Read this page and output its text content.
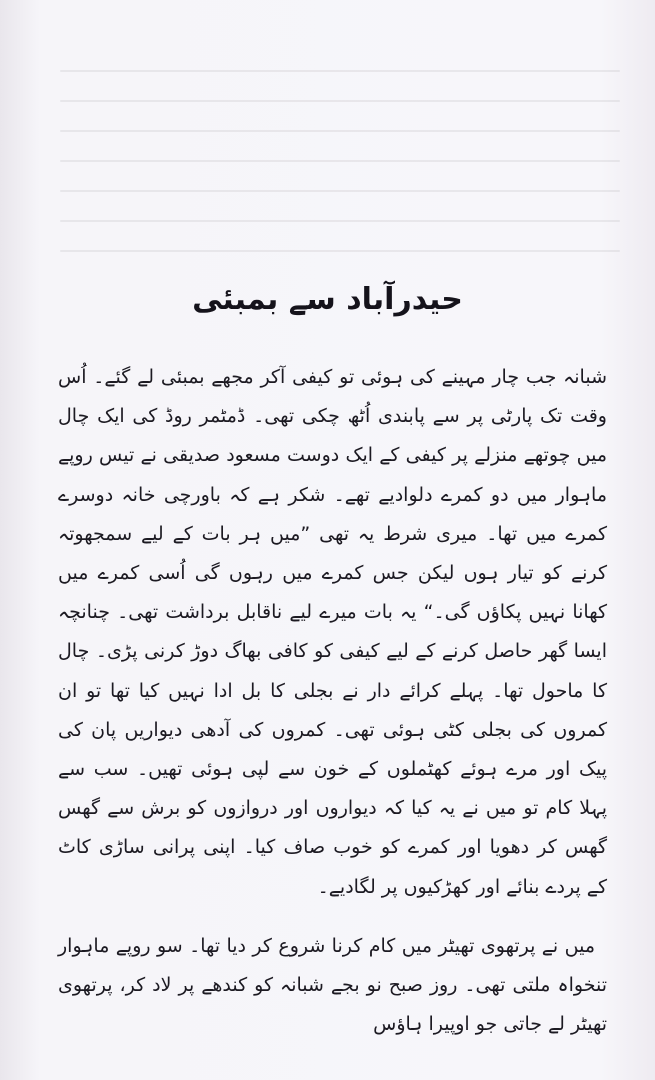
حیدرآباد سے بمبئی

شبانہ جب چار مہینے کی ہوئی تو کیفی آکر مجھے بمبئی لے گئے۔ اُس وقت تک پارٹی پر سے پابندی اُٹھ چکی تھی۔ ڈمٹمر روڈ کی ایک چال میں چوتھے منزلے پر کیفی کے ایک دوست مسعود صدیقی نے تیس روپے ماہوار میں دو کمرے دلوادیے تھے۔ شکر ہے کہ باورچی خانہ دوسرے کمرے میں تھا۔ میری شرط یہ تھی ”میں ہر بات کے لیے سمجھوتہ کرنے کو تیار ہوں لیکن جس کمرے میں رہوں گی اُسی کمرے میں کھانا نہیں پکاؤں گی۔“ یہ بات میرے لیے ناقابل برداشت تھی۔ چنانچہ ایسا گھر حاصل کرنے کے لیے کیفی کو کافی بھاگ دوڑ کرنی پڑی۔ چال کا ماحول تھا۔ پہلے کرائے دار نے بجلی کا بل ادا نہیں کیا تھا تو ان کمروں کی بجلی کٹی ہوئی تھی۔ کمروں کی آدھی دیواریں پان کی پیک اور مرے ہوئے کھٹملوں کے خون سے لپی ہوئی تھیں۔ سب سے پہلا کام تو میں نے یہ کیا کہ دیواروں اور دروازوں کو برش سے گھس گھس کر دھویا اور کمرے کو خوب صاف کیا۔ اپنی پرانی ساڑی کاٹ کے پردے بنائے اور کھڑکیوں پر لگادیے۔

میں نے پرتھوی تھیٹر میں کام کرنا شروع کر دیا تھا۔ سو روپے ماہوار تنخواہ ملتی تھی۔ روز صبح نو بجے شبانہ کو کندھے پر لاد کر، پرتھوی تھیٹر لے جاتی جو اوپیرا ہاؤس
